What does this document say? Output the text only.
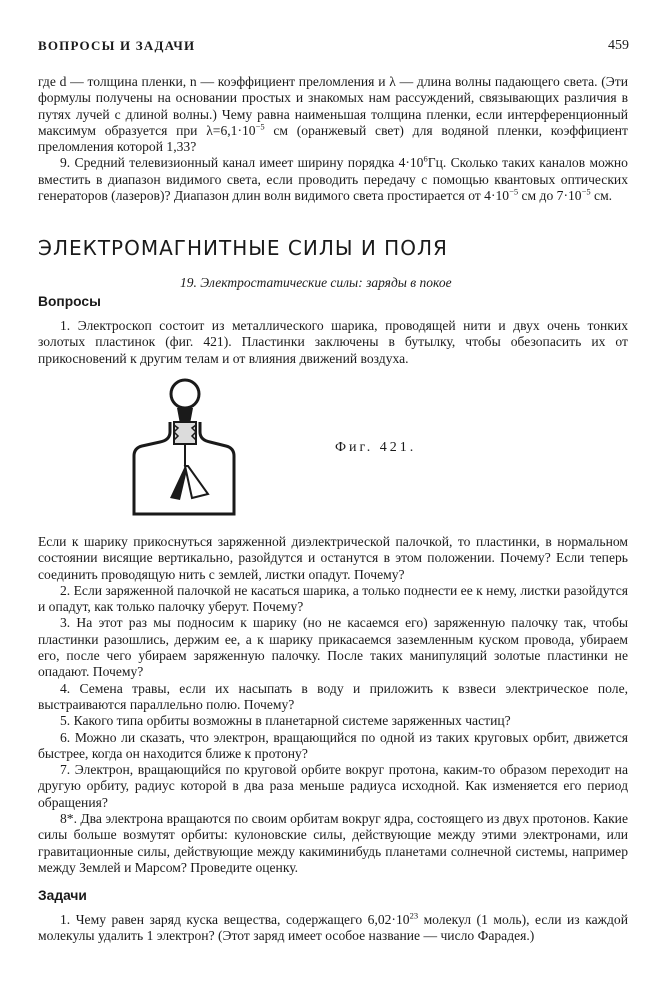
ВОПРОСЫ И ЗАДАЧИ	459

где d — толщина пленки, n — коэффициент преломления и λ — длина волны падающего света. (Эти формулы получены на основании простых и знакомых нам рассуждений, связывающих различия в путях лучей с длиной волны.) Чему равна наименьшая толщина пленки, если интерференционный максимум образуется при $\lambda=6,1\cdot 10^{-5}$ см (оранжевый свет) для водяной пленки, коэффициент преломления которой 1,33?

9. Средний телевизионный канал имеет ширину порядка $4\cdot 10^6Гц$. Сколько таких каналов можно вместить в диапазон видимого света, если проводить передачу с помощью квантовых оптических генераторов (лазеров)? Диапазон длин волн видимого света простирается от $4\cdot 10^{-5}$ см до $7\cdot 10^{-5}$ см.

ЭЛЕКТРОМАГНИТНЫЕ СИЛЫ И ПОЛЯ
19. Электростатические силы: заряды в покое
Вопросы

1. Электроскоп состоит из металлического шарика, проводящей нити и двух очень тонких золотых пластинок (фиг. 421). Пластинки заключены в бутылку, чтобы обезопасить их от прикосновений к другим телам и от влияния движений воздуха.

Фиг. 421.

Если к шарику прикоснуться заряженной диэлектрической палочкой, то пластинки, в нормальном состоянии висящие вертикально, разойдутся и останутся в этом положении. Почему? Если теперь соединить проводящую нить с землей, листки опадут. Почему?

2. Если заряженной палочкой не касаться шарика, а только поднести ее к нему, листки разойдутся и опадут, как только палочку уберут. Почему?

3. На этот раз мы подносим к шарику (но не касаемся его) заряженную палочку так, чтобы пластинки разошлись, держим ее, а к шарику прикасаемся заземленным куском провода, убираем его, после чего убираем заряженную палочку. После таких манипуляций золотые пластинки не опадают. Почему?

4. Семена травы, если их насыпать в воду и приложить к взвеси электрическое поле, выстраиваются параллельно полю. Почему?

5. Какого типа орбиты возможны в планетарной системе заряженных частиц?

6. Можно ли сказать, что электрон, вращающийся по одной из таких круговых орбит, движется быстрее, когда он находится ближе к протону?

7. Электрон, вращающийся по круговой орбите вокруг протона, каким-то образом переходит на другую орбиту, радиус которой в два раза меньше радиуса исходной. Как изменяется его период обращения?

8*. Два электрона вращаются по своим орбитам вокруг ядра, состоящего из двух протонов. Какие силы больше возмутят орбиты: кулоновские силы, действующие между этими электронами, или гравитационные силы, действующие между какиминибудь планетами солнечной системы, например между Землей и Марсом? Проведите оценку.

Задачи

1. Чему равен заряд куска вещества, содержащего $6,02\cdot 10^{23}$ молекул (1 моль), если из каждой молекулы удалить 1 электрон? (Этот заряд имеет особое название — число Фарадея.)
